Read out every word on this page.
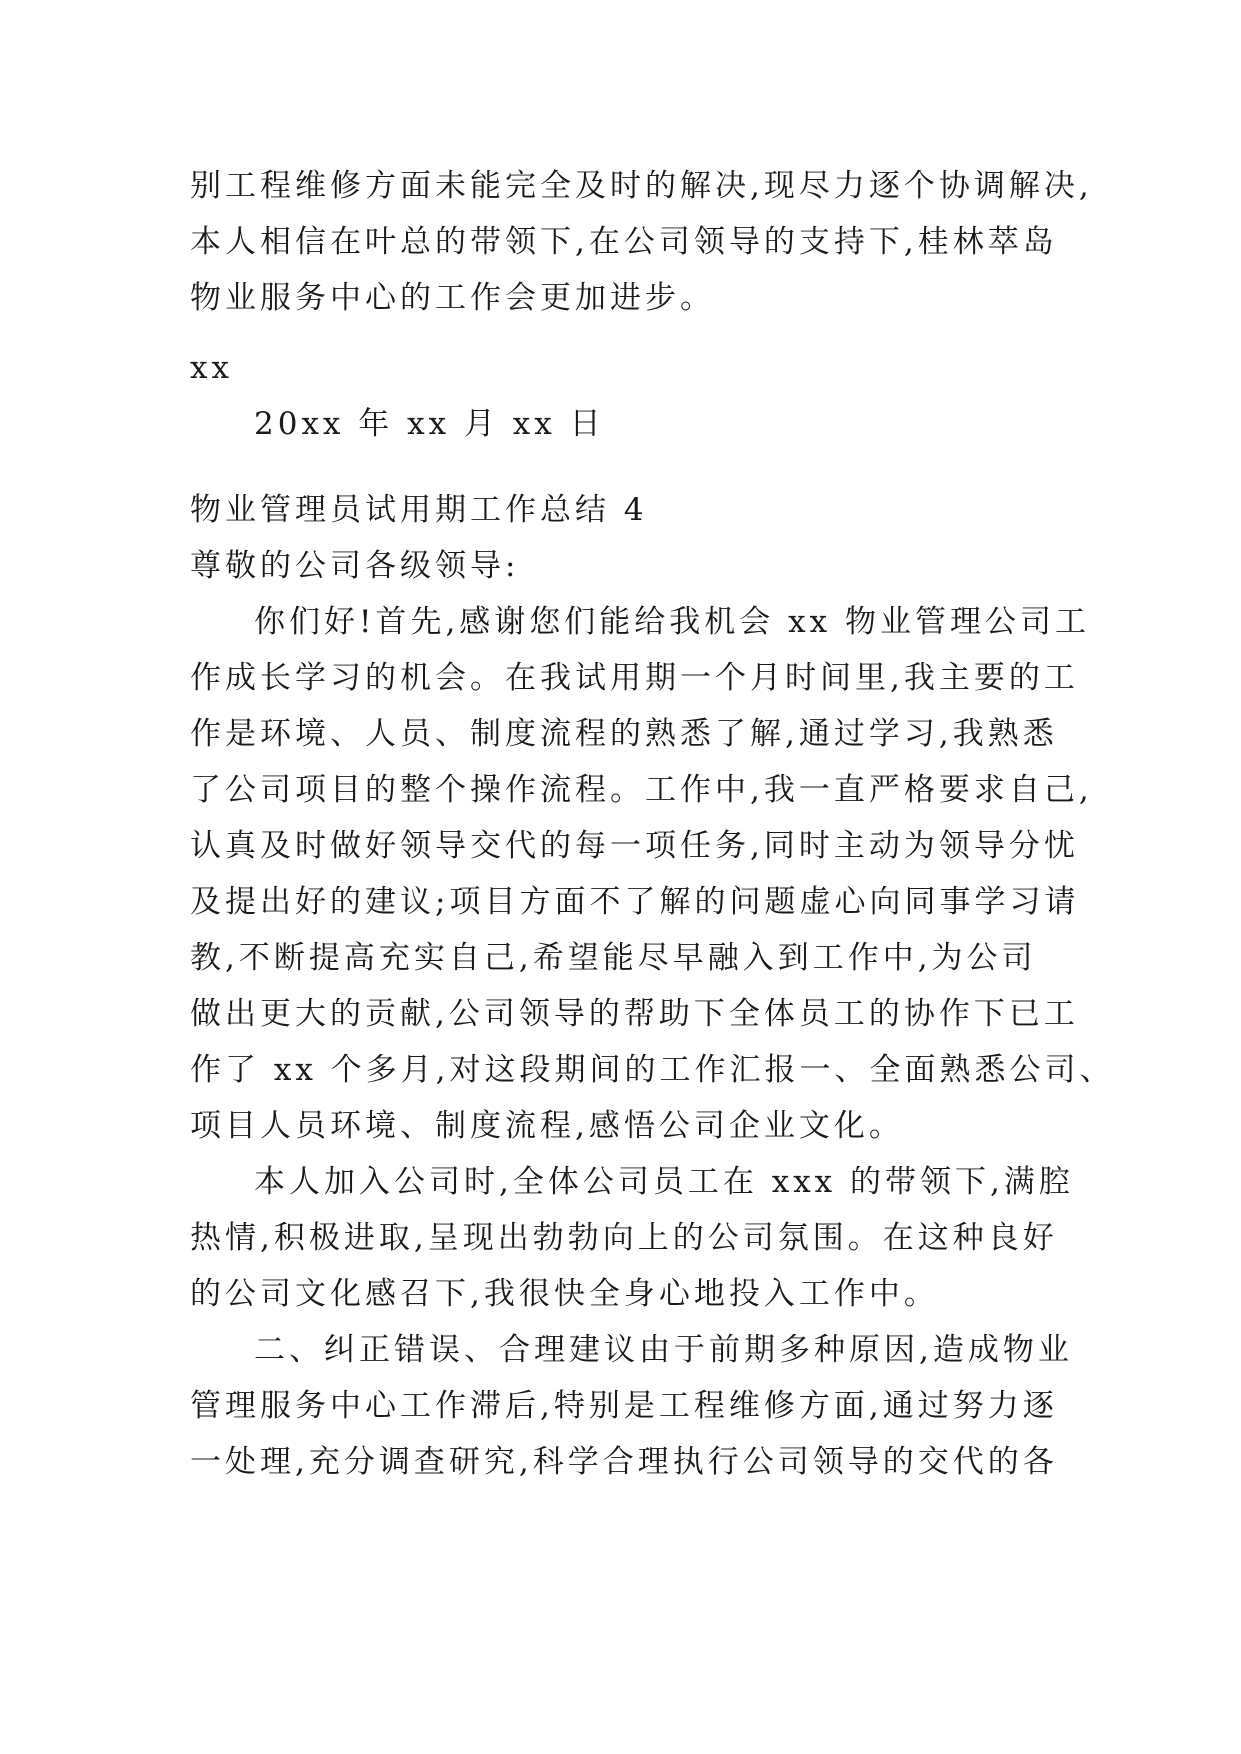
别工程维修方面未能完全及时的解决,现尽力逐个协调解决,
本人相信在叶总的带领下,在公司领导的支持下,桂林萃岛
物业服务中心的工作会更加进步。
xx
20xx 年 xx 月 xx 日
物业管理员试用期工作总结 4
尊敬的公司各级领导:
你们好!首先,感谢您们能给我机会 xx 物业管理公司工
作成长学习的机会。在我试用期一个月时间里,我主要的工
作是环境、人员、制度流程的熟悉了解,通过学习,我熟悉
了公司项目的整个操作流程。工作中,我一直严格要求自己,
认真及时做好领导交代的每一项任务,同时主动为领导分忧
及提出好的建议;项目方面不了解的问题虚心向同事学习请
教,不断提高充实自己,希望能尽早融入到工作中,为公司
做出更大的贡献,公司领导的帮助下全体员工的协作下已工
作了 xx 个多月,对这段期间的工作汇报一、全面熟悉公司、
项目人员环境、制度流程,感悟公司企业文化。
本人加入公司时,全体公司员工在 xxx 的带领下,满腔
热情,积极进取,呈现出勃勃向上的公司氛围。在这种良好
的公司文化感召下,我很快全身心地投入工作中。
二、纠正错误、合理建议由于前期多种原因,造成物业
管理服务中心工作滞后,特别是工程维修方面,通过努力逐
一处理,充分调查研究,科学合理执行公司领导的交代的各
